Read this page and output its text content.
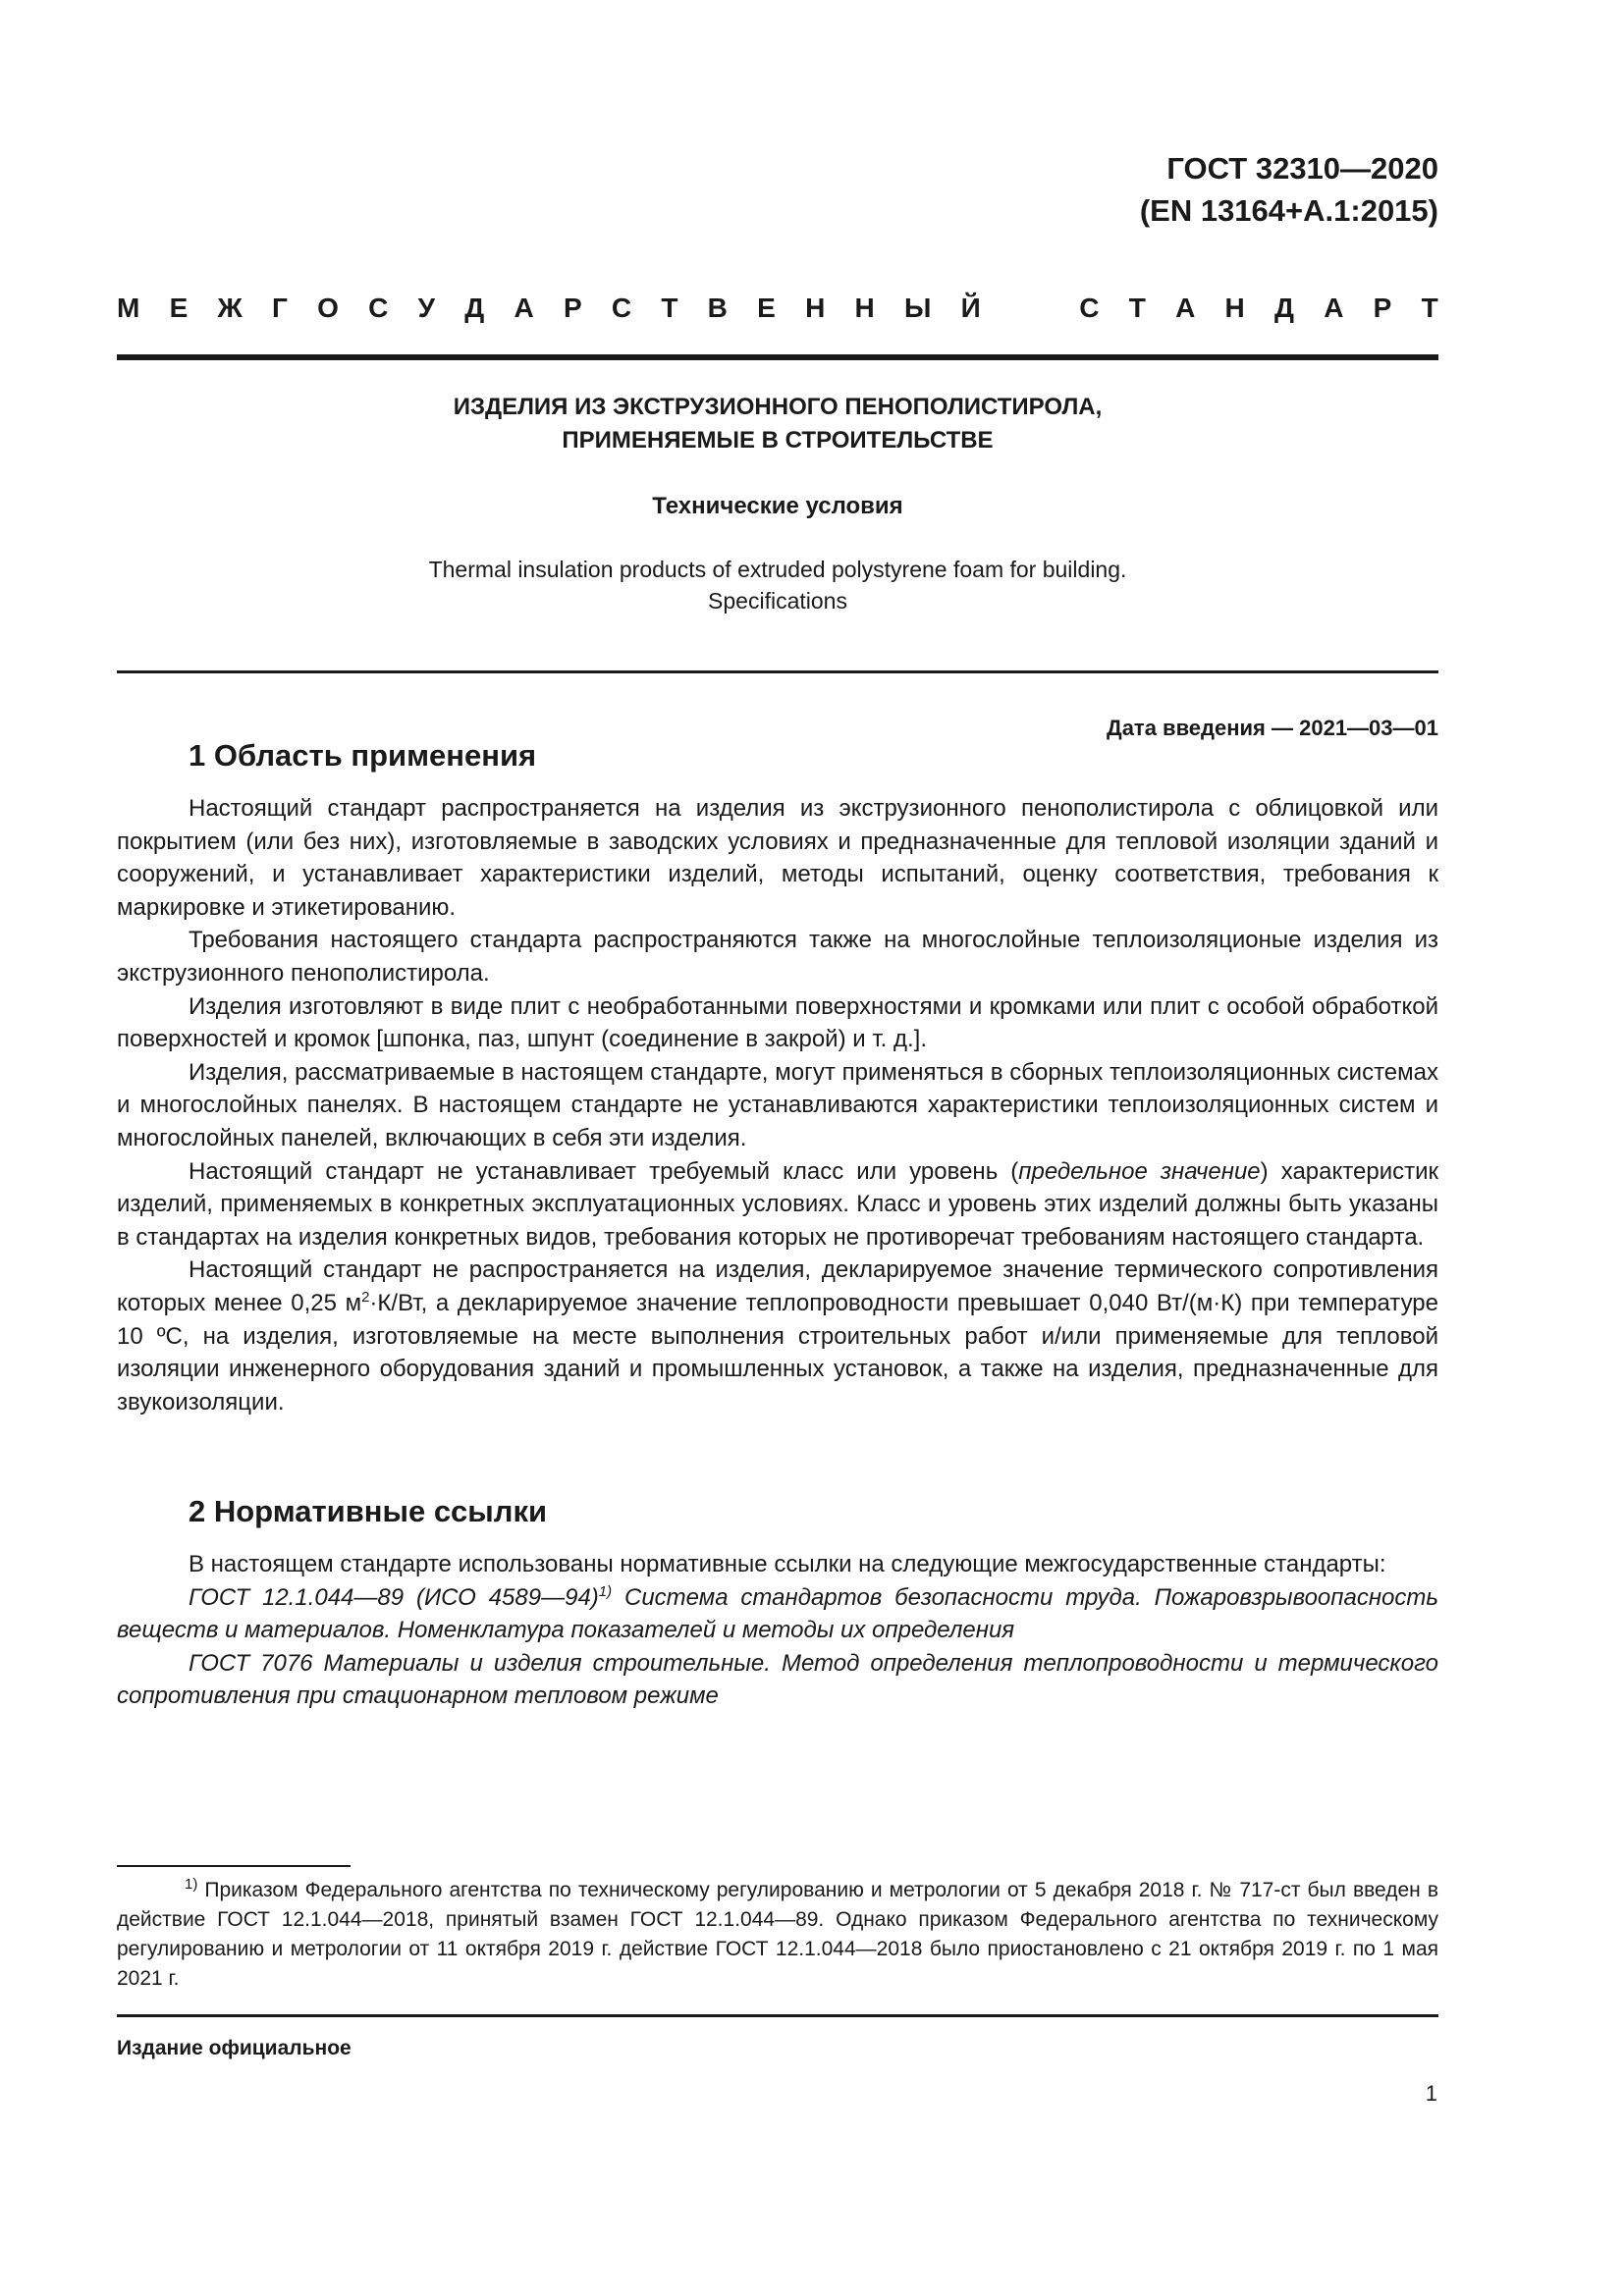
ГОСТ 32310—2020
(EN 13164+A.1:2015)
М Е Ж Г О С У Д А Р С Т В Е Н Н Ы Й	С Т А Н Д А Р Т
ИЗДЕЛИЯ ИЗ ЭКСТРУЗИОННОГО ПЕНОПОЛИСТИРОЛА,
ПРИМЕНЯЕМЫЕ В СТРОИТЕЛЬСТВЕ
Технические условия
Thermal insulation products of extruded polystyrene foam for building.
Specifications
Дата введения — 2021—03—01
1 Область применения

Настоящий стандарт распространяется на изделия из экструзионного пенополистирола с облицовкой или покрытием (или без них), изготовляемые в заводских условиях и предназначенные для тепловой изоляции зданий и сооружений, и устанавливает характеристики изделий, методы испытаний, оценку соответствия, требования к маркировке и этикетированию.

Требования настоящего стандарта распространяются также на многослойные теплоизоляционые изделия из экструзионного пенополистирола.

Изделия изготовляют в виде плит с необработанными поверхностями и кромками или плит с особой обработкой поверхностей и кромок [шпонка, паз, шпунт (соединение в закрой) и т. д.].

Изделия, рассматриваемые в настоящем стандарте, могут применяться в сборных теплоизоляционных системах и многослойных панелях. В настоящем стандарте не устанавливаются характеристики теплоизоляционных систем и многослойных панелей, включающих в себя эти изделия.

Настоящий стандарт не устанавливает требуемый класс или уровень (предельное значение) характеристик изделий, применяемых в конкретных эксплуатационных условиях. Класс и уровень этих изделий должны быть указаны в стандартах на изделия конкретных видов, требования которых не противоречат требованиям настоящего стандарта.

Настоящий стандарт не распространяется на изделия, декларируемое значение термического сопротивления которых менее 0,25 $м^2\cdot К/Вт$, а декларируемое значение теплопроводности превышает 0,040 Вт/(м·К) при температуре 10 ºС, на изделия, изготовляемые на месте выполнения строительных работ и/или применяемые для тепловой изоляции инженерного оборудования зданий и промышленных установок, а также на изделия, предназначенные для звукоизоляции.

2 Нормативные ссылки

В настоящем стандарте использованы нормативные ссылки на следующие межгосударственные стандарты:

ГОСТ 12.1.044—89 (ИСО 4589—94)$^{1)}$ Система стандартов безопасности труда. Пожаровзрывоопасность веществ и материалов. Номенклатура показателей и методы их определения

ГОСТ 7076 Материалы и изделия строительные. Метод определения теплопроводности и термического сопротивления при стационарном тепловом режиме

$^{1)}$ Приказом Федерального агентства по техническому регулированию и метрологии от 5 декабря 2018 г. № 717-ст был введен в действие ГОСТ 12.1.044—2018, принятый взамен ГОСТ 12.1.044—89. Однако приказом Федерального агентства по техническому регулированию и метрологии от 11 октября 2019 г. действие ГОСТ 12.1.044—2018 было приостановлено с 21 октября 2019 г. по 1 мая 2021 г.

Издание официальное
1
